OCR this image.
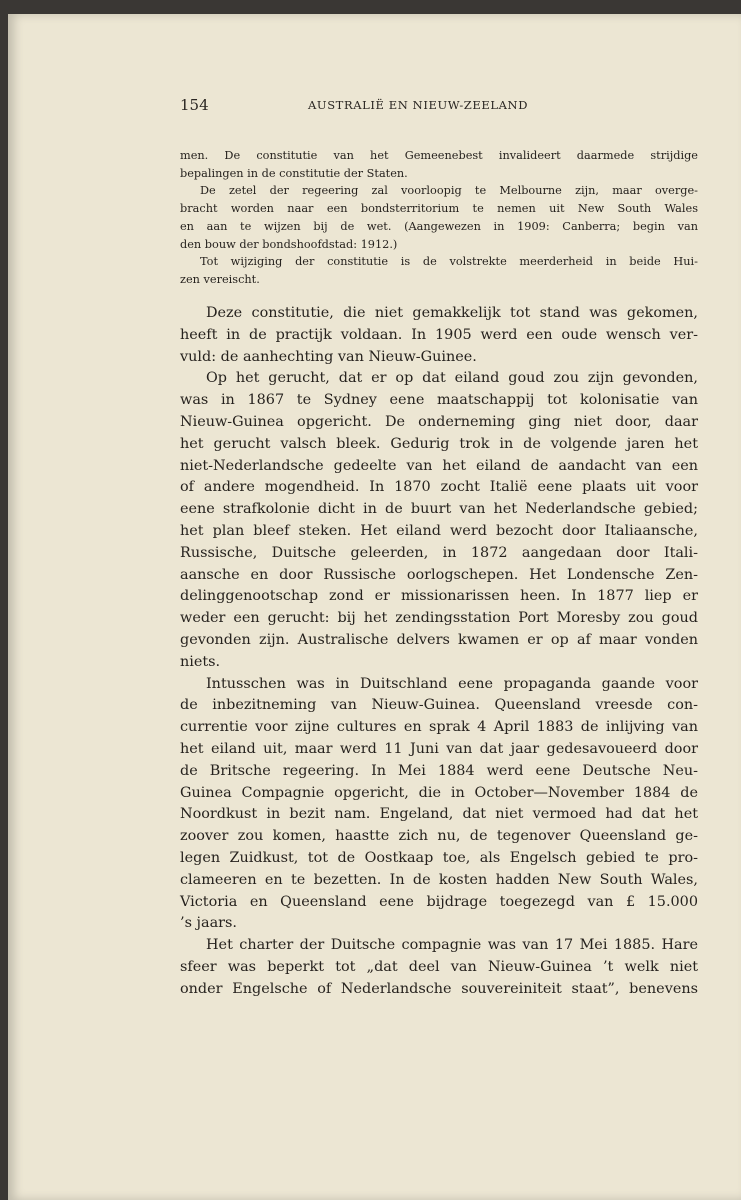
154	AUSTRALIË EN NIEUW-ZEELAND
men. De constitutie van het Gemeenebest invalideert daarmede strijdige
bepalingen in de constitutie der Staten.
De zetel der regeering zal voorloopig te Melbourne zijn, maar overge-
bracht worden naar een bondsterritorium te nemen uit New South Wales
en aan te wijzen bij de wet. (Aangewezen in 1909: Canberra; begin van
den bouw der bondshoofdstad: 1912.)
Tot wijziging der constitutie is de volstrekte meerderheid in beide Hui-
zen vereischt.
Deze constitutie, die niet gemakkelijk tot stand was gekomen,
heeft in de practijk voldaan. In 1905 werd een oude wensch ver-
vuld: de aanhechting van Nieuw-Guinee.
Op het gerucht, dat er op dat eiland goud zou zijn gevonden,
was in 1867 te Sydney eene maatschappij tot kolonisatie van
Nieuw-Guinea opgericht. De onderneming ging niet door, daar
het gerucht valsch bleek. Gedurig trok in de volgende jaren het
niet-Nederlandsche gedeelte van het eiland de aandacht van een
of andere mogendheid. In 1870 zocht Italië eene plaats uit voor
eene strafkolonie dicht in de buurt van het Nederlandsche gebied;
het plan bleef steken. Het eiland werd bezocht door Italiaansche,
Russische, Duitsche geleerden, in 1872 aangedaan door Itali-
aansche en door Russische oorlogschepen. Het Londensche Zen-
delinggenootschap zond er missionarissen heen. In 1877 liep er
weder een gerucht: bij het zendingsstation Port Moresby zou goud
gevonden zijn. Australische delvers kwamen er op af maar vonden
niets.
Intusschen was in Duitschland eene propaganda gaande voor
de inbezitneming van Nieuw-Guinea. Queensland vreesde con-
currentie voor zijne cultures en sprak 4 April 1883 de inlijving van
het eiland uit, maar werd 11 Juni van dat jaar gedesavoueerd door
de Britsche regeering. In Mei 1884 werd eene Deutsche Neu-
Guinea Compagnie opgericht, die in October—November 1884 de
Noordkust in bezit nam. Engeland, dat niet vermoed had dat het
zoover zou komen, haastte zich nu, de tegenover Queensland ge-
legen Zuidkust, tot de Oostkaap toe, als Engelsch gebied te pro-
clameeren en te bezetten. In de kosten hadden New South Wales,
Victoria en Queensland eene bijdrage toegezegd van £ 15.000
’s jaars.
Het charter der Duitsche compagnie was van 17 Mei 1885. Hare
sfeer was beperkt tot „dat deel van Nieuw-Guinea ’t welk niet
onder Engelsche of Nederlandsche souvereiniteit staat”, benevens
